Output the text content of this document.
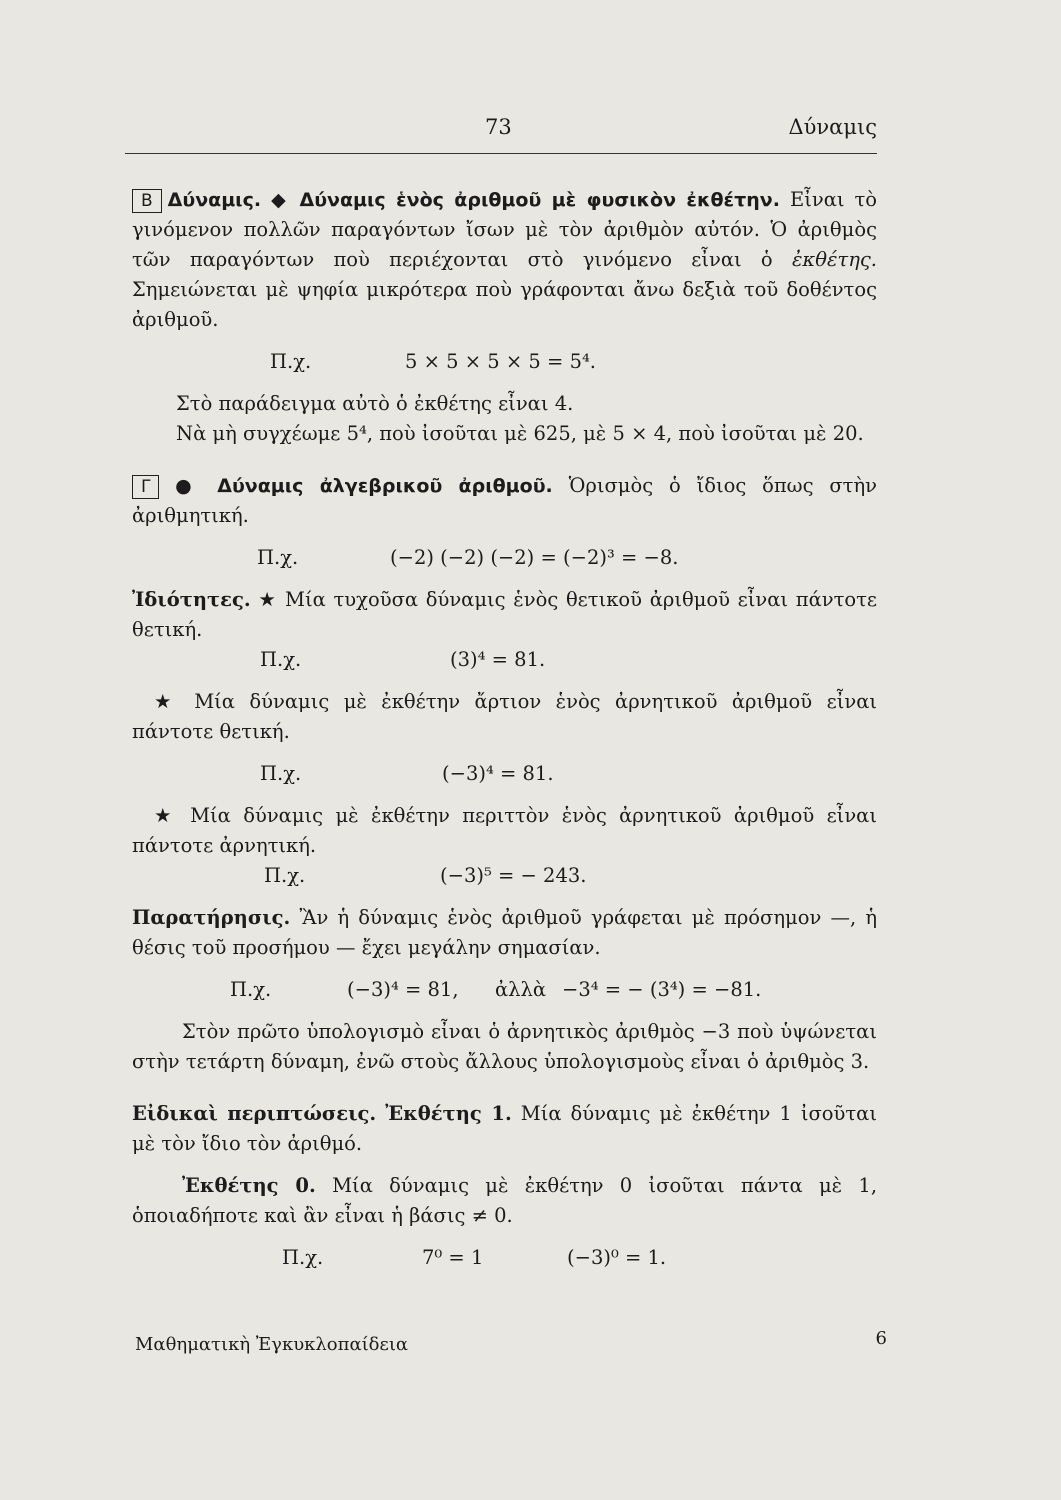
73	Δύναμις

Β Δύναμις. ◆ Δύναμις ἑνὸς ἀριθμοῦ μὲ φυσικὸν ἐκθέτην. Εἶναι τὸ γινόμενον πολλῶν παραγόντων ἴσων μὲ τὸν ἀριθμὸν αὐτόν. Ὁ ἀριθμὸς τῶν παραγόντων ποὺ περιέχονται στὸ γινόμενο εἶναι ὁ ἐκθέτης. Σημειώνεται μὲ ψηφία μικρότερα ποὺ γράφονται ἄνω δεξιὰ τοῦ δοθέντος ἀριθμοῦ.

Π.χ.	5 × 5 × 5 × 5 = 5⁴.

Στὸ παράδειγμα αὐτὸ ὁ ἐκθέτης εἶναι 4.

Νὰ μὴ συγχέωμε 5⁴, ποὺ ἰσοῦται μὲ 625, μὲ 5 × 4, ποὺ ἰσοῦται μὲ 20.

Γ ● Δύναμις ἀλγεβρικοῦ ἀριθμοῦ. Ὁρισμὸς ὁ ἴδιος ὅπως στὴν ἀριθμητική.

Π.χ.	(−2) (−2) (−2) = (−2)³ = −8.

Ἰδιότητες. ★ Μία τυχοῦσα δύναμις ἑνὸς θετικοῦ ἀριθμοῦ εἶναι πάντοτε θετική.

Π.χ.	(3)⁴ = 81.

★ Μία δύναμις μὲ ἐκθέτην ἄρτιον ἑνὸς ἀρνητικοῦ ἀριθμοῦ εἶναι πάντοτε θετική.

Π.χ.	(−3)⁴ = 81.

★ Μία δύναμις μὲ ἐκθέτην περιττὸν ἑνὸς ἀρνητικοῦ ἀριθμοῦ εἶναι πάντοτε ἀρνητική.

Π.χ.	(−3)⁵ = − 243.

Παρατήρησις. Ἂν ἡ δύναμις ἑνὸς ἀριθμοῦ γράφεται μὲ πρόσημον —, ἡ θέσις τοῦ προσήμου — ἔχει μεγάλην σημασίαν.

Π.χ.	(−3)⁴ = 81, ἀλλὰ −3⁴ = − (3⁴) = −81.

Στὸν πρῶτο ὑπολογισμὸ εἶναι ὁ ἀρνητικὸς ἀριθμὸς −3 ποὺ ὑψώνεται στὴν τετάρτη δύναμη, ἐνῶ στοὺς ἄλλους ὑπολογισμοὺς εἶναι ὁ ἀριθμὸς 3.

Εἰδικαὶ περιπτώσεις. Ἐκθέτης 1. Μία δύναμις μὲ ἐκθέτην 1 ἰσοῦται μὲ τὸν ἴδιο τὸν ἀριθμό.

Ἐκθέτης 0. Μία δύναμις μὲ ἐκθέτην 0 ἰσοῦται πάντα μὲ 1, ὁποιαδήποτε καὶ ἂν εἶναι ἡ βάσις ≠ 0.

Π.χ.	7⁰ = 1	(−3)⁰ = 1.
Μαθηματικὴ Ἐγκυκλοπαίδεια	6
